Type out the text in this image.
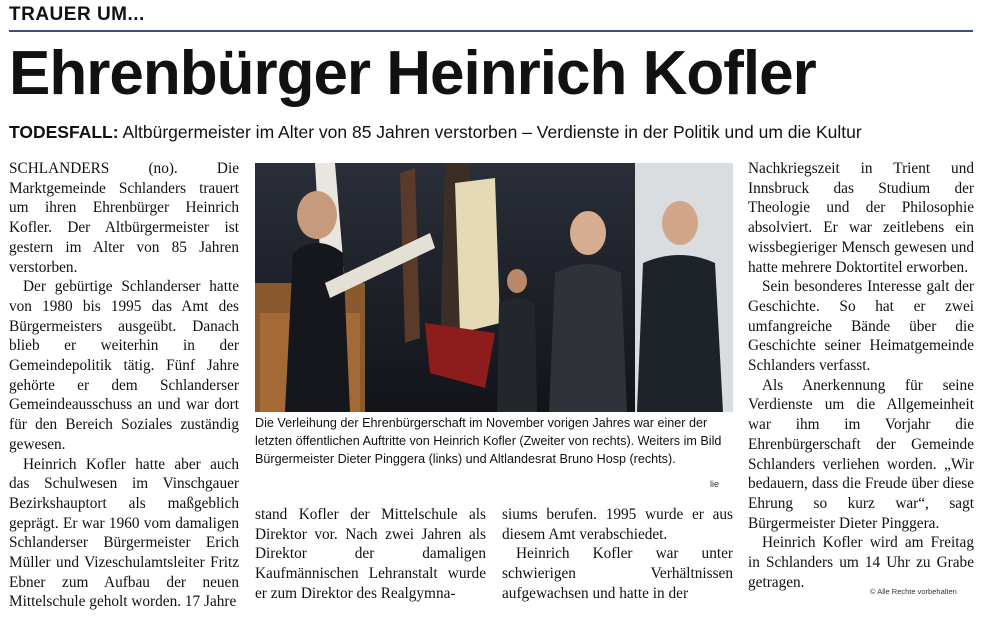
TRAUER UM...
Ehrenbürger Heinrich Kofler
TODESFALL: Altbürgermeister im Alter von 85 Jahren verstorben – Verdienste in der Politik und um die Kultur

SCHLANDERS (no). Die Marktgemeinde Schlanders trauert um ihren Ehrenbürger Heinrich Kofler. Der Altbürgermeister ist gestern im Alter von 85 Jahren verstorben.

Der gebürtige Schlanderser hatte von 1980 bis 1995 das Amt des Bürgermeisters ausgeübt. Danach blieb er weiterhin in der Gemeindepolitik tätig. Fünf Jahre gehörte er dem Schlanderser Gemeindeausschuss an und war dort für den Bereich Soziales zuständig gewesen.

Heinrich Kofler hatte aber auch das Schulwesen im Vinschgauer Bezirkshauptort als maßgeblich geprägt. Er war 1960 vom damaligen Schlanderser Bürgermeister Erich Müller und Vizeschulamtsleiter Fritz Ebner zum Aufbau der neuen Mittelschule geholt worden. 17 Jahre

Die Verleihung der Ehrenbürgerschaft im November vorigen Jahres war einer der letzten öffentlichen Auftritte von Heinrich Kofler (Zweiter von rechts). Weiters im Bild Bürgermeister Dieter Pinggera (links) und Altlandesrat Bruno Hosp (rechts).

lie

stand Kofler der Mittelschule als Direktor vor. Nach zwei Jahren als Direktor der damaligen Kaufmännischen Lehranstalt wurde er zum Direktor des Realgymna-

siums berufen. 1995 wurde er aus diesem Amt verabschiedet.

Heinrich Kofler war unter schwierigen Verhältnissen aufgewachsen und hatte in der

Nachkriegszeit in Trient und Innsbruck das Studium der Theologie und der Philosophie absolviert. Er war zeitlebens ein wissbegieriger Mensch gewesen und hatte mehrere Doktortitel erworben.

Sein besonderes Interesse galt der Geschichte. So hat er zwei umfangreiche Bände über die Geschichte seiner Heimatgemeinde Schlanders verfasst.

Als Anerkennung für seine Verdienste um die Allgemeinheit war ihm im Vorjahr die Ehrenbürgerschaft der Gemeinde Schlanders verliehen worden. „Wir bedauern, dass die Freude über diese Ehrung so kurz war“, sagt Bürgermeister Dieter Pinggera.

Heinrich Kofler wird am Freitag in Schlanders um 14 Uhr zu Grabe getragen.

© Alle Rechte vorbehalten
